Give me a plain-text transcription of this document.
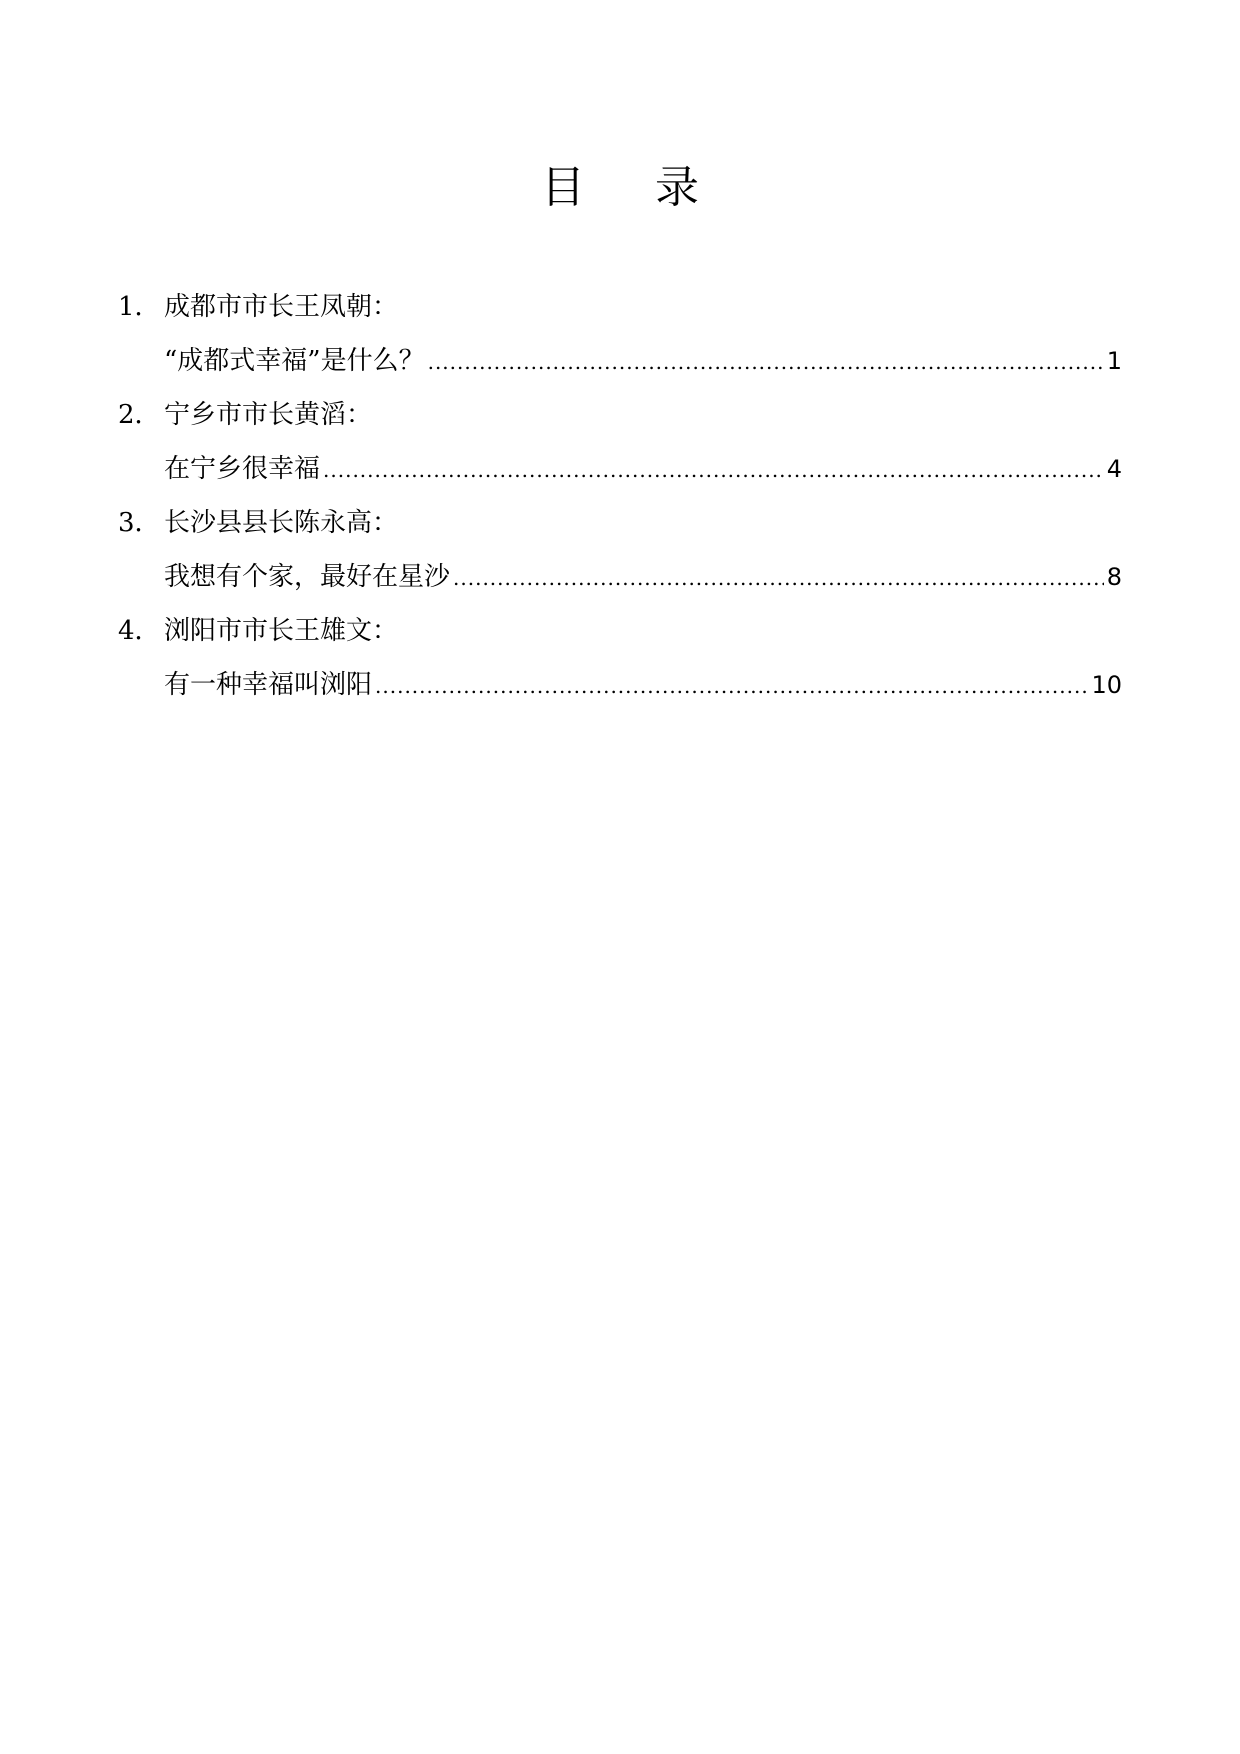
目 录
1． 成都市市长王凤朝：
“成都式幸福”是什么？ .....	1
2． 宁乡市市长黄滔：
在宁乡很幸福 .....	4
3． 长沙县县长陈永高：
我想有个家，最好在星沙 .....	8
4． 浏阳市市长王雄文：
有一种幸福叫浏阳 .....	10
